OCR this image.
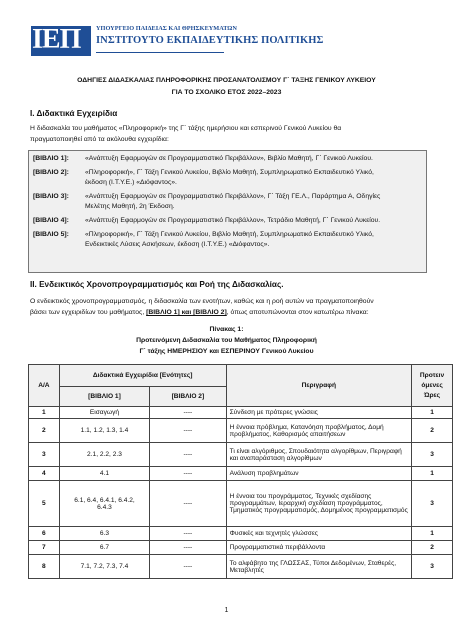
ΙΕΠ ΥΠΟΥΡΓΕΙΟ ΠΑΙΔΕΙΑΣ ΚΑΙ ΘΡΗΣΚΕΥΜΑΤΩΝ
ΙΝΣΤΙΤΟΥΤΟ ΕΚΠΑΙΔΕΥΤΙΚΗΣ ΠΟΛΙΤΙΚΗΣ
ΟΔΗΓΙΕΣ ΔΙΔΑΣΚΑΛΙΑΣ ΠΛΗΡΟΦΟΡΙΚΗΣ ΠΡΟΣΑΝΑΤΟΛΙΣΜΟΥ Γ΄ ΤΑΞΗΣ ΓΕΝΙΚΟΥ ΛΥΚΕΙΟΥ
ΓΙΑ ΤΟ ΣΧΟΛΙΚΟ ΕΤΟΣ 2022–2023
Ι. Διδακτικά Εγχειρίδια
Η διδασκαλία του μαθήματος «Πληροφορική» της Γ΄ τάξης ημερήσιου και εσπερινού Γενικού Λυκείου θα
πραγματοποιηθεί από τα ακόλουθα εγχειρίδια:
[ΒΙΒΛΙΟ 1]:	«Ανάπτυξη Εφαρμογών σε Προγραμματιστικό Περιβάλλον», Βιβλίο Μαθητή, Γ΄ Γενικού Λυκείου.
[ΒΙΒΛΙΟ 2]:	«Πληροφορική», Γ΄ Τάξη Γενικού Λυκείου, Βιβλίο Μαθητή, Συμπληρωματικό Εκπαιδευτικό Υλικό,
έκδοση (Ι.Τ.Υ.Ε.) «Διόφαντος».
[ΒΙΒΛΙΟ 3]:	«Ανάπτυξη Εφαρμογών σε Προγραμματιστικό Περιβάλλον», Γ΄ Τάξη ΓΕ.Λ., Παράρτημα Α, Οδηγίες
Μελέτης Μαθητή, 2η Έκδοση.
[ΒΙΒΛΙΟ 4]:	«Ανάπτυξη Εφαρμογών σε Προγραμματιστικό Περιβάλλον», Τετράδιο Μαθητή, Γ΄ Γενικού Λυκείου.
[ΒΙΒΛΙΟ 5]:	«Πληροφορική», Γ΄ Τάξη Γενικού Λυκείου, Βιβλίο Μαθητή, Συμπληρωματικό Εκπαιδευτικό Υλικό,
Ενδεικτικές Λύσεις Ασκήσεων, έκδοση (Ι.Τ.Υ.Ε.) «Διόφαντος».
ΙΙ. Ενδεικτικός Χρονοπρογραμματισμός και Ροή της Διδασκαλίας.
Ο ενδεικτικός χρονοπρογραμματισμός, η διδασκαλία των ενοτήτων, καθώς και η ροή αυτών να πραγματοποιηθούν
βάσει των εγχειριδίων του μαθήματος, [ΒΙΒΛΙΟ 1] και [ΒΙΒΛΙΟ 2], όπως αποτυπώνονται στον κατωτέρω πίνακα:
Πίνακας 1:
Προτεινόμενη Διδασκαλία του Μαθήματος Πληροφορική
Γ΄ τάξης ΗΜΕΡΗΣΙΟΥ και ΕΣΠΕΡΙΝΟΥ Γενικού Λυκείου
Α/Α	Διδακτικά Εγχειρίδια [Ενότητες]		Περιγραφή	Προτειν όμενες Ώρες
	[ΒΙΒΛΙΟ 1]	[ΒΙΒΛΙΟ 2]		
1	Εισαγωγή	----	Σύνδεση με πρότερες γνώσεις	1
2	1.1, 1.2, 1.3, 1.4	----	Η έννοια πρόβλημα, Κατανόηση προβλήματος, Δομή προβλήματος, Καθορισμός απαιτήσεων	2
3	2.1, 2.2, 2.3	----	Τι είναι αλγόριθμος, Σπουδαιότητα αλγορίθμων, Περιγραφή και αναπαράσταση αλγορίθμων	3
4	4.1	----	Ανάλυση προβλημάτων	1
5	6.1, 6.4, 6.4.1, 6.4.2, 6.4.3	----	Η έννοια του προγράμματος, Τεχνικές σχεδίασης προγραμμάτων, Ιεραρχική σχεδίαση προγράμματος, Τμηματικός προγραμματισμός, Δομημένος προγραμματισμός	3
6	6.3	----	Φυσικές και τεχνητές γλώσσες	1
7	6.7	----	Προγραμματιστικά περιβάλλοντα	2
8	7.1, 7.2, 7.3, 7.4	----	Το αλφάβητο της ΓΛΩΣΣΑΣ, Τύποι Δεδομένων, Σταθερές, Μεταβλητές	3
1
